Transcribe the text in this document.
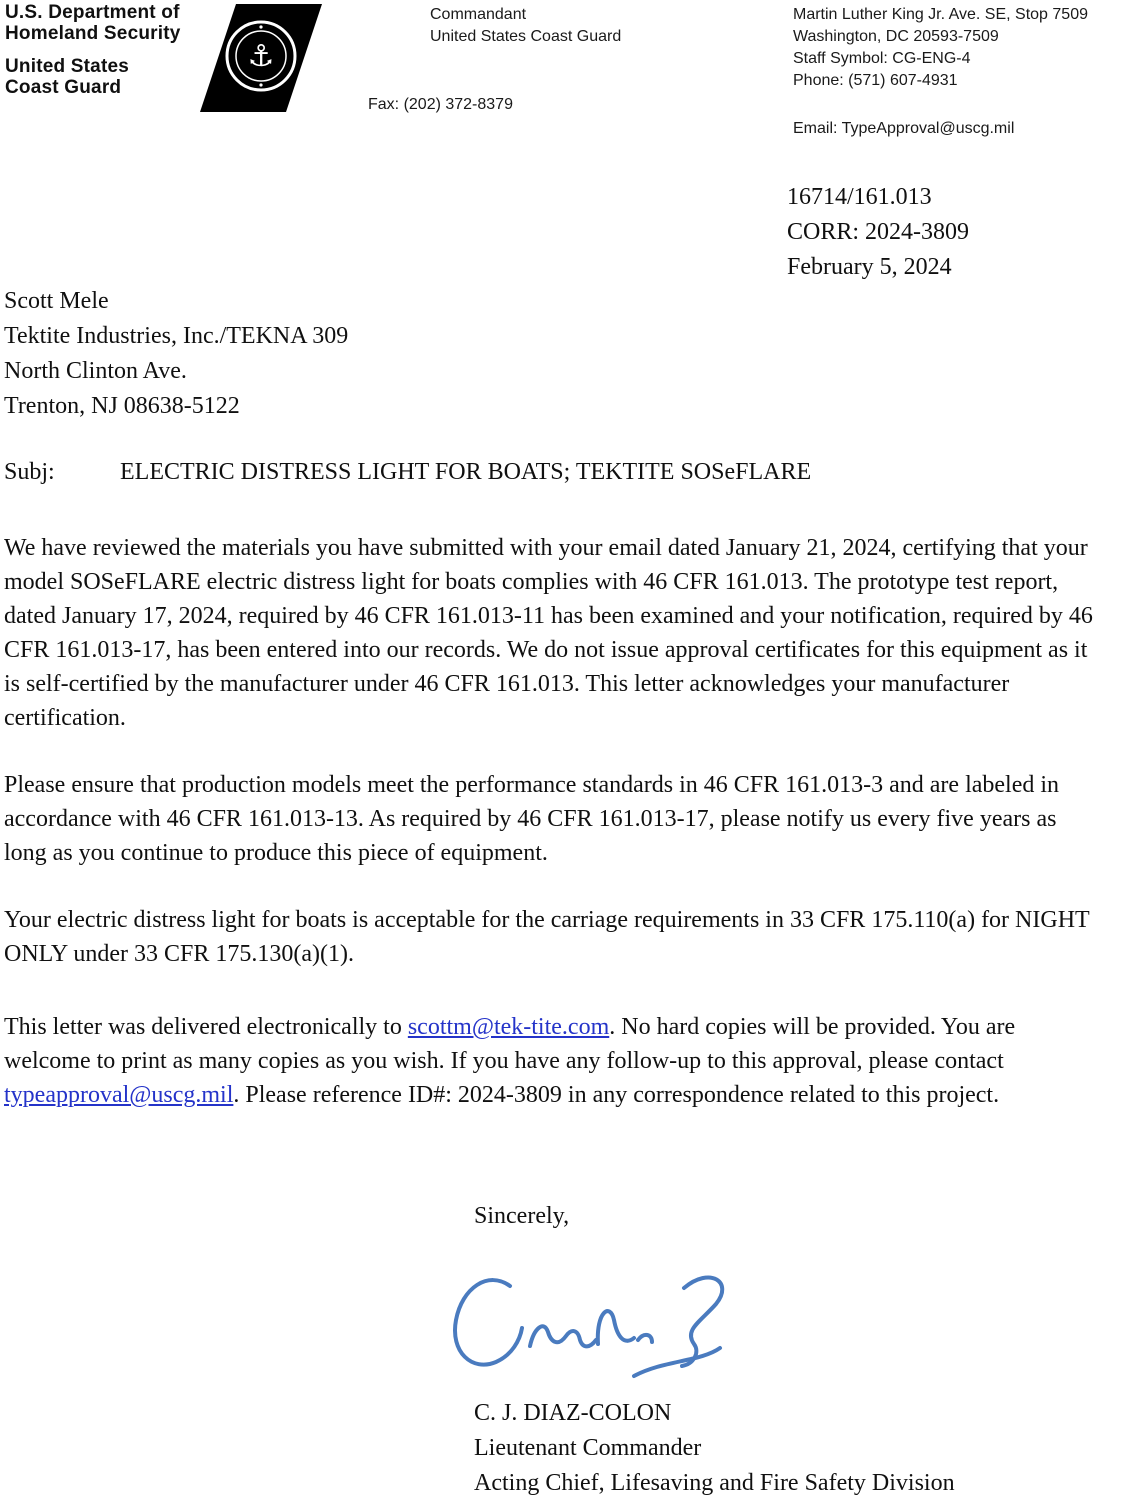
U.S. Department of
Homeland Security
United States
Coast Guard
⚓
Commandant
United States Coast Guard
Fax: (202) 372-8379
Martin Luther King Jr. Ave. SE, Stop 7509
Washington, DC 20593-7509
Staff Symbol: CG-ENG-4
Phone: (571) 607-4931
Email: TypeApproval@uscg.mil
16714/161.013
CORR: 2024-3809
February 5, 2024
Scott Mele
Tektite Industries, Inc./TEKNA 309
North Clinton Ave.
Trenton, NJ 08638-5122
Subj:	ELECTRIC DISTRESS LIGHT FOR BOATS; TEKTITE SOSeFLARE
We have reviewed the materials you have submitted with your email dated January 21, 2024, certifying that your model SOSeFLARE electric distress light for boats complies with 46 CFR 161.013. The prototype test report, dated January 17, 2024, required by 46 CFR 161.013-11 has been examined and your notification, required by 46 CFR 161.013-17, has been entered into our records. We do not issue approval certificates for this equipment as it is self-certified by the manufacturer under 46 CFR 161.013. This letter acknowledges your manufacturer certification.
Please ensure that production models meet the performance standards in 46 CFR 161.013-3 and are labeled in accordance with 46 CFR 161.013-13. As required by 46 CFR 161.013-17, please notify us every five years as long as you continue to produce this piece of equipment.
Your electric distress light for boats is acceptable for the carriage requirements in 33 CFR 175.110(a) for NIGHT ONLY under 33 CFR 175.130(a)(1).
This letter was delivered electronically to scottm@tek-tite.com. No hard copies will be provided. You are welcome to print as many copies as you wish. If you have any follow-up to this approval, please contact typeapproval@uscg.mil. Please reference ID#: 2024-3809 in any correspondence related to this project.
Sincerely,
C. J. DIAZ-COLON
Lieutenant Commander
Acting Chief, Lifesaving and Fire Safety Division
